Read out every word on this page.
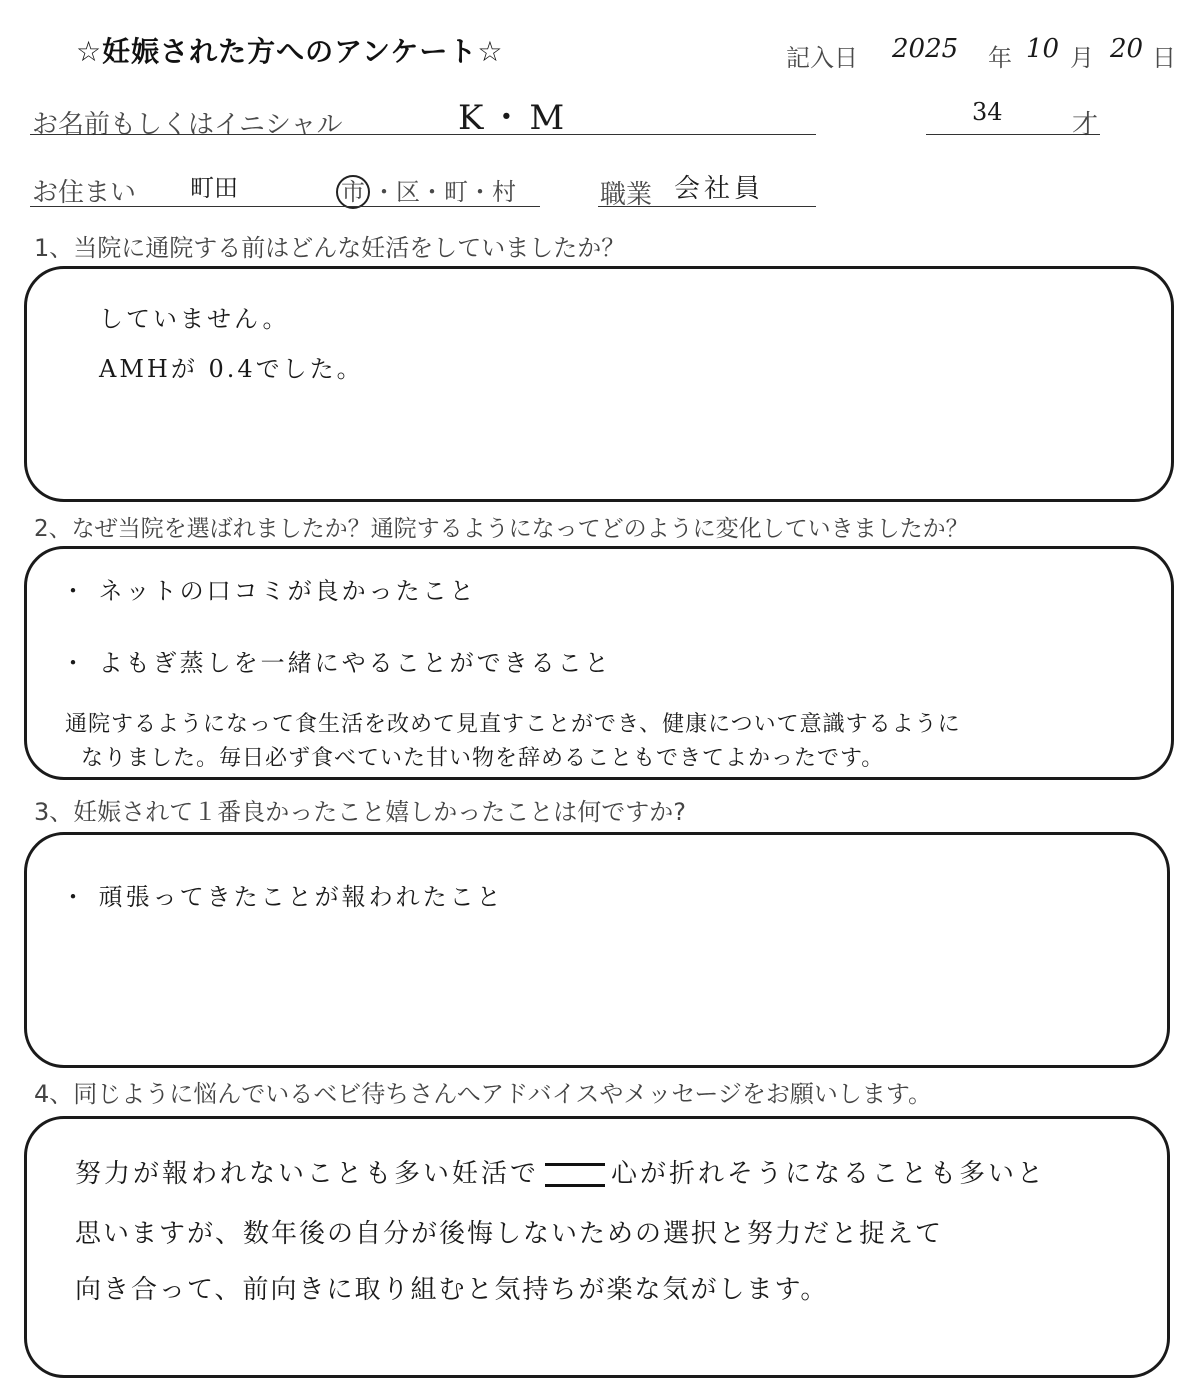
☆妊娠された方へのアンケート☆	記入日 2025 年 10 月 20 日
お名前もしくはイニシャル	K・M	34	才
お住まい 町田	市 ・区・町・村	職業 会社員
1、当院に通院する前はどんな妊活をしていましたか？
していません。
AMHが 0.4でした。
2、なぜ当院を選ばれましたか？通院するようになってどのように変化していきましたか？
・ ネットの口コミが良かったこと
・ よもぎ蒸しを一緒にやることができること
通院するようになって食生活を改めて見直すことができ、健康について意識するように
なりました。毎日必ず食べていた甘い物を辞めることもできてよかったです。
3、妊娠されて１番良かったこと嬉しかったことは何ですか?
・ 頑張ってきたことが報われたこと
4、同じように悩んでいるベビ待ちさんへアドバイスやメッセージをお願いします。
努力が報われないことも多い妊活で	心が折れそうになることも多いと
思いますが、数年後の自分が後悔しないための選択と努力だと捉えて
向き合って、前向きに取り組むと気持ちが楽な気がします。
